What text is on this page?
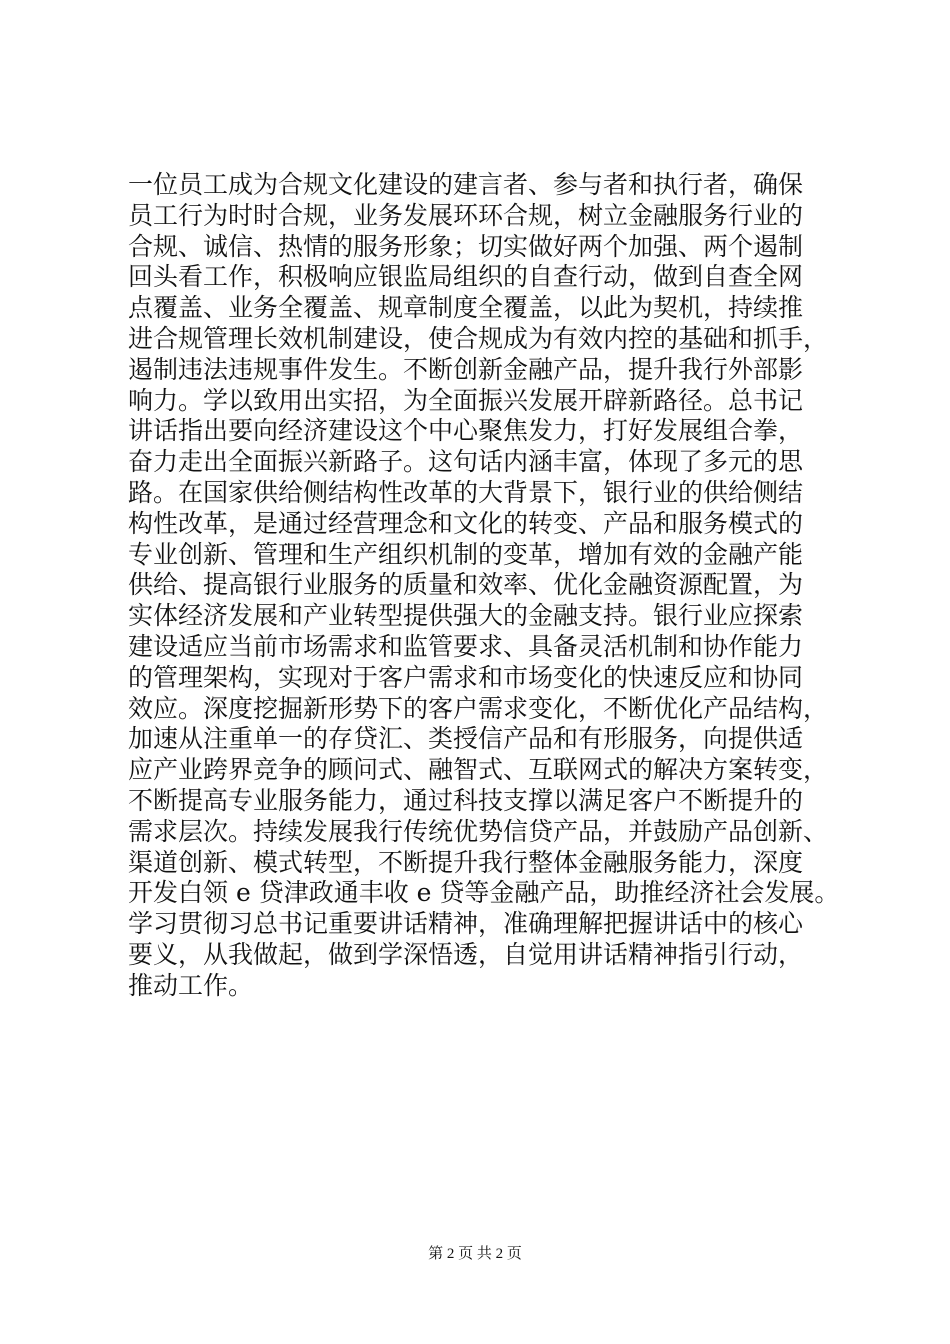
一位员工成为合规文化建设的建言者、参与者和执行者，确保
员工行为时时合规，业务发展环环合规，树立金融服务行业的
合规、诚信、热情的服务形象；切实做好两个加强、两个遏制
回头看工作，积极响应银监局组织的自查行动，做到自查全网
点覆盖、业务全覆盖、规章制度全覆盖，以此为契机，持续推
进合规管理长效机制建设，使合规成为有效内控的基础和抓手，
遏制违法违规事件发生。不断创新金融产品，提升我行外部影
响力。学以致用出实招，为全面振兴发展开辟新路径。总书记
讲话指出要向经济建设这个中心聚焦发力，打好发展组合拳，
奋力走出全面振兴新路子。这句话内涵丰富，体现了多元的思
路。在国家供给侧结构性改革的大背景下，银行业的供给侧结
构性改革，是通过经营理念和文化的转变、产品和服务模式的
专业创新、管理和生产组织机制的变革，增加有效的金融产能
供给、提高银行业服务的质量和效率、优化金融资源配置，为
实体经济发展和产业转型提供强大的金融支持。银行业应探索
建设适应当前市场需求和监管要求、具备灵活机制和协作能力
的管理架构，实现对于客户需求和市场变化的快速反应和协同
效应。深度挖掘新形势下的客户需求变化，不断优化产品结构，
加速从注重单一的存贷汇、类授信产品和有形服务，向提供适
应产业跨界竞争的顾问式、融智式、互联网式的解决方案转变，
不断提高专业服务能力，通过科技支撑以满足客户不断提升的
需求层次。持续发展我行传统优势信贷产品，并鼓励产品创新、
渠道创新、模式转型，不断提升我行整体金融服务能力，深度
开发白领 e 贷津政通丰收 e 贷等金融产品，助推经济社会发展。
学习贯彻习总书记重要讲话精神，准确理解把握讲话中的核心
要义，从我做起，做到学深悟透，自觉用讲话精神指引行动，
推动工作。
第 2 页 共 2 页
